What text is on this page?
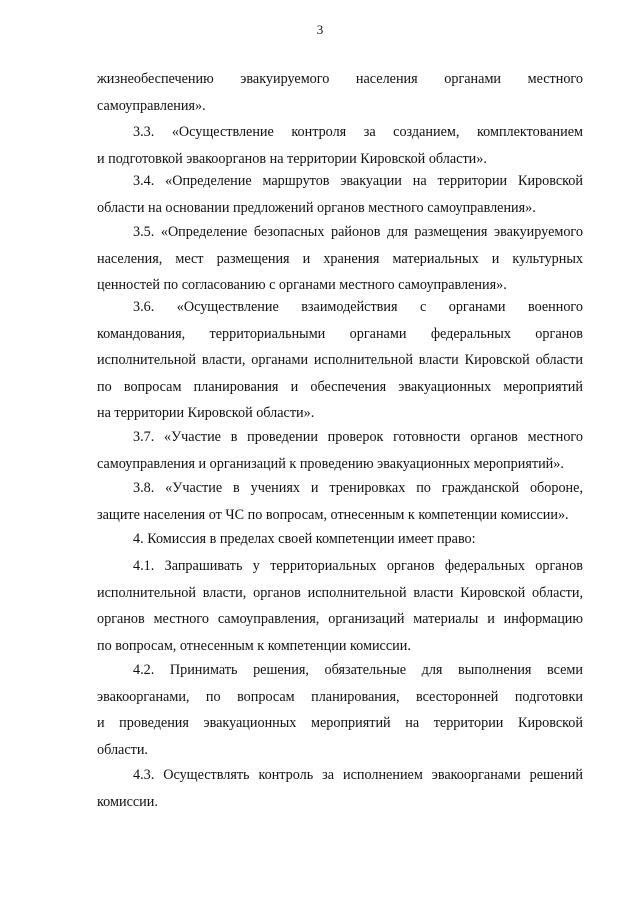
3

жизнеобеспечению эвакуируемого населения органами местного
самоуправления».

3.3. «Осуществление контроля за созданием, комплектованием
и подготовкой эвакоорганов на территории Кировской области».

3.4. «Определение маршрутов эвакуации на территории Кировской
области на основании предложений органов местного самоуправления».

3.5. «Определение безопасных районов для размещения эвакуируемого
населения, мест размещения и хранения материальных и культурных
ценностей по согласованию с органами местного самоуправления».

3.6. «Осуществление взаимодействия с органами военного
командования, территориальными органами федеральных органов
исполнительной власти, органами исполнительной власти Кировской области
по вопросам планирования и обеспечения эвакуационных мероприятий
на территории Кировской области».

3.7. «Участие в проведении проверок готовности органов местного
самоуправления и организаций к проведению эвакуационных мероприятий».

3.8. «Участие в учениях и тренировках по гражданской обороне,
защите населения от ЧС по вопросам, отнесенным к компетенции комиссии».

4. Комиссия в пределах своей компетенции имеет право:

4.1. Запрашивать у территориальных органов федеральных органов
исполнительной власти, органов исполнительной власти Кировской области,
органов местного самоуправления, организаций материалы и информацию
по вопросам, отнесенным к компетенции комиссии.

4.2. Принимать решения, обязательные для выполнения всеми
эвакоорганами, по вопросам планирования, всесторонней подготовки
и проведения эвакуационных мероприятий на территории Кировской
области.

4.3. Осуществлять контроль за исполнением эвакоорганами решений
комиссии.
